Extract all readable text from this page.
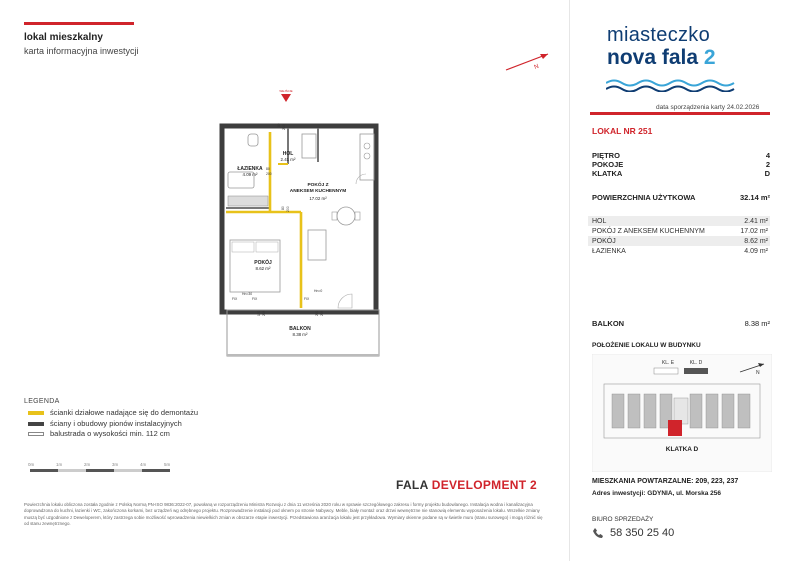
lokal mieszkalny
karta informacyjna inwestycji
N
WEJŚCIE
ŁAZIENKA
4.09 m²
HOL
2.41 m²
POKÓJ Z ANEKSEM KUCHENNYM
17.02 m²
POKÓJ
8.62 m²
BALKON
8.38 m²
80 200
80
200
80 200
Hn=30
Hn=0
FIX	FIX	FIX
170 228	220 238
LEGENDA
ścianki działowe nadające się do demontażu
ściany i obudowy pionów instalacyjnych
balustrada o wysokości min. 112 cm
0m	1m	2m	3m	4m	5m
FALA DEVELOPMENT 2
Powierzchnia lokalu obliczona została zgodnie z Polską Normą PN-ISO 9836:2022-07, powołaną w rozporządzeniu Ministra Rozwoju z dnia 11 września 2020 roku w sprawie szczegółowego zakresu i formy projektu budowlanego. Instalacja wodna i kanalizacyjna doprowadzona do kuchni, łazienki i WC, zakończona korkami, bez urządzeń wg odrębnego projektu. Rozprowadzenie instalacji pod oknem po stronie Nabywcy. Meble, biały montaż oraz drzwi wewnętrzne nie stanowią elementu wyposażenia lokalu. Wszelkie zmiany muszą być uzgodnione z Deweloperem, który zastrzega sobie możliwość wprowadzenia niewielkich zmian w obszarze etapie inwestycji. Przedstawiona aranżacja lokalu jest przykładowa. Wymiary okienne podane są w świetle muru (stanu surowego) i mogą różnić się od stanu zewnętrznego.
miasteczko
nova fala 2
data sporządzenia karty 24.02.2026
LOKAL NR 251
PIĘTRO	4
POKOJE	2
KLATKA	D
POWIERZCHNIA UŻYTKOWA	32.14 m²
HOL	2.41 m²
POKÓJ Z ANEKSEM KUCHENNYM	17.02 m²
POKÓJ	8.62 m²
ŁAZIENKA	4.09 m²
BALKON	8.38 m²
POŁOŻENIE LOKALU W BUDYNKU
KL. E	KL. D
N
KLATKA D
MIESZKANIA POWTARZALNE: 209, 223, 237
Adres inwestycji: GDYNIA, ul. Morska 256
BIURO SPRZEDAŻY
58 350 25 40
